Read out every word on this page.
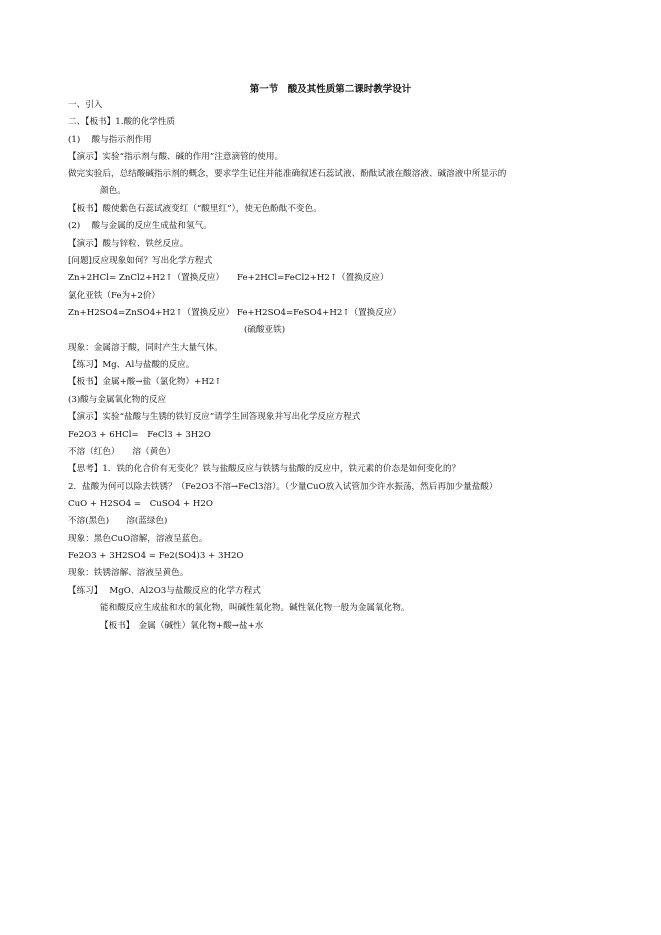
第一节　酸及其性质第二课时教学设计
一、引入
二、【板书】1.酸的化学性质
(1)　 酸与指示剂作用
【演示】实验“指示剂与酸、碱的作用”注意滴管的使用。
做完实验后，总结酸碱指示剂的概念，要求学生记住并能准确叙述石蕊试液、酚酞试液在酸溶液、碱溶液中所显示的
颜色。
【板书】酸使紫色石蕊试液变红（“酸里红”），使无色酚酞不变色。
(2)　 酸与金属的反应生成盐和氢气。
【演示】酸与锌粒、铁丝反应。
[问题]反应现象如何？写出化学方程式
Zn+2HCl= ZnCl2+H2↑（置换反应）　　Fe+2HCl=FeCl2+H2↑（置换反应）
氯化亚铁（Fe为+2价）
Zn+H2SO4=ZnSO4+H2↑（置换反应） Fe+H2SO4=FeSO4+H2↑（置换反应）
(硫酸亚铁)
现象：金属溶于酸，同时产生大量气体。
【练习】Mg、Al与盐酸的反应。
【板书】金属+酸→盐（氯化物）+H2↑
(3)酸与金属氧化物的反应
【演示】实验“盐酸与生锈的铁钉反应”请学生回答现象并写出化学反应方程式
Fe2O3 + 6HCl=　FeCl3 + 3H2O
不溶（红色）　　溶（黄色）
【思考】1．铁的化合价有无变化？铁与盐酸反应与铁锈与盐酸的反应中，铁元素的价态是如何变化的？
2．盐酸为何可以除去铁锈？（Fe2O3不溶→FeCl3溶）。（少量CuO放入试管加少许水振荡，然后再加少量盐酸）
CuO + H2SO4 =　CuSO4 + H2O
不溶(黑色)　　溶(蓝绿色)
现象：黑色CuO溶解，溶液呈蓝色。
Fe2O3 + 3H2SO4 = Fe2(SO4)3 + 3H2O
现象：铁锈溶解、溶液呈黄色。
【练习】　 MgO、Al2O3与盐酸反应的化学方程式
能和酸反应生成盐和水的氧化物，叫碱性氧化物。碱性氧化物一般为金属氧化物。
【板书】　金属（碱性）氧化物+酸→盐+水
